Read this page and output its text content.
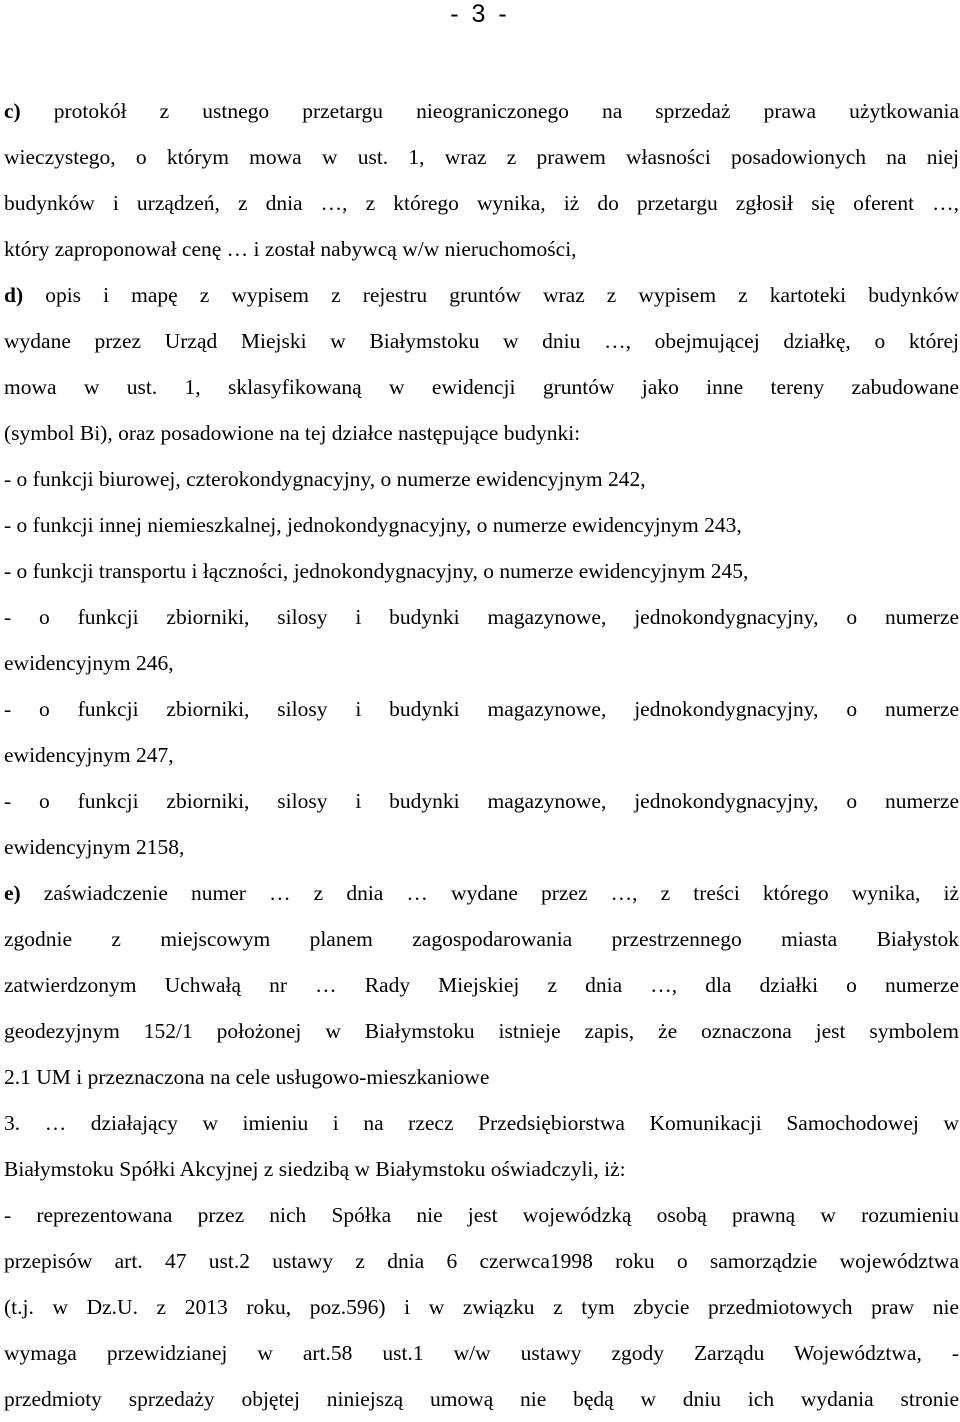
- 3 -
c) protokół z ustnego przetargu nieograniczonego na sprzedaż prawa użytkowania
wieczystego, o którym mowa w ust. 1, wraz z prawem własności posadowionych na niej
budynków i urządzeń, z dnia …, z którego wynika, iż do przetargu zgłosił się oferent …,
który zaproponował cenę … i został nabywcą w/w nieruchomości,
d) opis i mapę z wypisem z rejestru gruntów wraz z wypisem z kartoteki budynków
wydane przez Urząd Miejski w Białymstoku w dniu …, obejmującej działkę, o której
mowa w ust. 1, sklasyfikowaną w ewidencji gruntów jako inne tereny zabudowane
(symbol Bi), oraz posadowione na tej działce następujące budynki:
- o funkcji biurowej, czterokondygnacyjny, o numerze ewidencyjnym 242,
- o funkcji innej niemieszkalnej, jednokondygnacyjny, o numerze ewidencyjnym 243,
- o funkcji transportu i łączności, jednokondygnacyjny, o numerze ewidencyjnym 245,
- o funkcji zbiorniki, silosy i budynki magazynowe, jednokondygnacyjny, o numerze
ewidencyjnym 246,
- o funkcji zbiorniki, silosy i budynki magazynowe, jednokondygnacyjny, o numerze
ewidencyjnym 247,
- o funkcji zbiorniki, silosy i budynki magazynowe, jednokondygnacyjny, o numerze
ewidencyjnym 2158,
e) zaświadczenie numer … z dnia … wydane przez …, z treści którego wynika, iż
zgodnie z miejscowym planem zagospodarowania przestrzennego miasta Białystok
zatwierdzonym Uchwałą nr … Rady Miejskiej z dnia …, dla działki o numerze
geodezyjnym 152/1 położonej w Białymstoku istnieje zapis, że oznaczona jest symbolem
2.1 UM i przeznaczona na cele usługowo-mieszkaniowe
3. … działający w imieniu i na rzecz Przedsiębiorstwa Komunikacji Samochodowej w
Białymstoku Spółki Akcyjnej z siedzibą w Białymstoku oświadczyli, iż:
- reprezentowana przez nich Spółka nie jest wojewódzką osobą prawną w rozumieniu
przepisów art. 47 ust.2 ustawy z dnia 6 czerwca1998 roku o samorządzie województwa
(t.j. w Dz.U. z 2013 roku, poz.596) i w związku z tym zbycie przedmiotowych praw nie
wymaga przewidzianej w art.58 ust.1 w/w ustawy zgody Zarządu Województwa, -
przedmioty sprzedaży objętej niniejszą umową nie będą w dniu ich wydania stronie
